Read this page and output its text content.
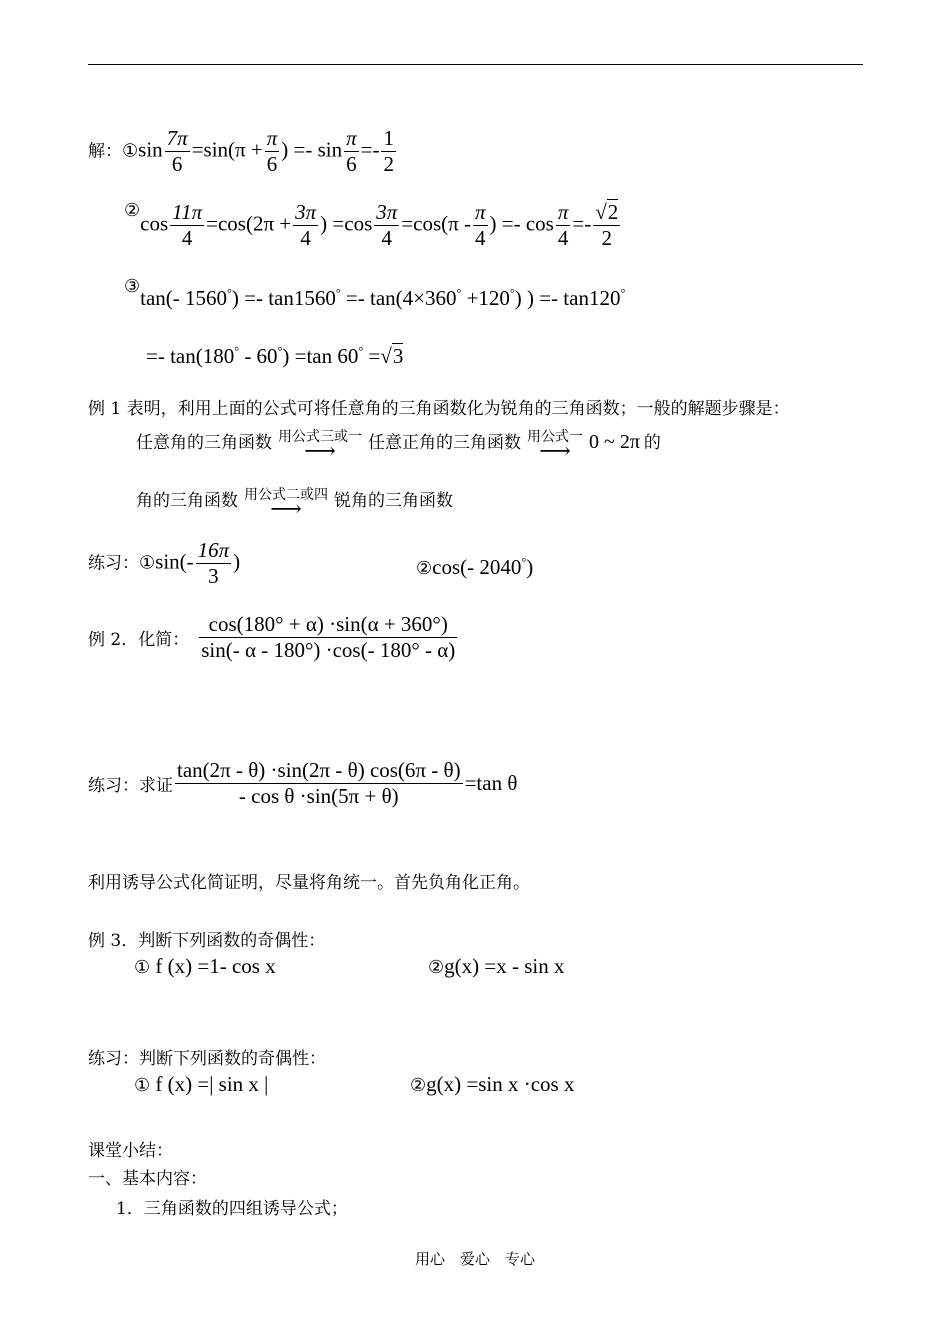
解：①sin $\frac{7\pi}{6} =\sin(\pi + \frac{\pi}{6}$ ) =- $\sin \frac{\pi}{6} =- \frac{1}{2}$
②cos $\frac{11\pi}{4} =\cos(2\pi + \frac{3\pi}{4}$ ) $=\cos \frac{3\pi}{4} =\cos(\pi - \frac{\pi}{4}$ ) =- $\cos \frac{\pi}{4} =- \frac{√2}{2}$
③tan(- 1560°) =- tan1560° =- tan(4×360° +120°) ) =- tan120°
=- tan(180° - 60°) =tan 60° =√3
例 1 表明，利用上面的公式可将任意角的三角函数化为锐角的三角函数；一般的解题步骤是：
任意角的三角函数 用公式三或一
⟶	任意正角的三角函数 用公式一
⟶ 0 ~ 2π 的
角的三角函数 用公式二或四
⟶	锐角的三角函数
练习：①sin(- $\frac{16\pi}{3}$ )	②cos(- 2040°)
例 2．化简： $\frac{\cos(180^\circ + \alpha) \cdot\sin(\alpha + 360^\circ)}{\sin(- \alpha - 180^\circ) \cdot\cos(- 180^\circ - \alpha)}$
练习：求证 $\frac{\tan(2\pi - \theta) \cdot\sin(2\pi - \theta) \cos(6\pi - \theta)}{\text{- cos θ ·sin(5π + θ)}} =\tan$ θ
利用诱导公式化简证明，尽量将角统一。首先负角化正角。
例 3．判断下列函数的奇偶性：
① f (x) =1- cos x	②g(x) =x - sin x
练习：判断下列函数的奇偶性：
① f (x) =| sin x |	②g(x) =sin x ·cos x
课堂小结：
一、基本内容：
1．三角函数的四组诱导公式；
用心　爱心　专心
